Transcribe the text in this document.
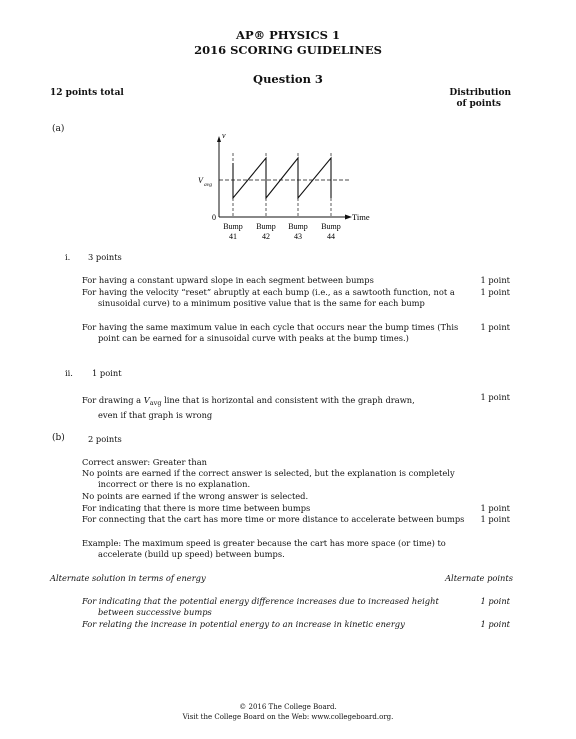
AP® PHYSICS 1
2016 SCORING GUIDELINES
Question 3
12 points total	Distribution
of points
(a)
v
V avg
0	Time
Bump
41
Bump
42
Bump
43
Bump
44
i. 3 points
For having a constant upward slope in each segment between bumps	1 point
For having the velocity “reset” abruptly at each bump (i.e., as a sawtooth function, not a sinusoidal curve) to a minimum positive value that is the same for each bump
1 point
For having the same maximum value in each cycle that occurs near the bump times (This point can be earned for a sinusoidal curve with peaks at the bump times.)
1 point
ii. 1 point
For drawing a $V_{avg}$ line that is horizontal and consistent with the graph drawn,
even if that graph is wrong
1 point
(b)	2 points
Correct answer: Greater than
No points are earned if the correct answer is selected, but the explanation is completely incorrect or there is no explanation.
No points are earned if the wrong answer is selected.
For indicating that there is more time between bumps	1 point
For connecting that the cart has more time or more distance to accelerate between bumps	1 point
Example: The maximum speed is greater because the cart has more space (or time) to accelerate (build up speed) between bumps.
Alternate solution in terms of energy	Alternate points
For indicating that the potential energy difference increases due to increased height between successive bumps
1 point
For relating the increase in potential energy to an increase in kinetic energy	1 point
© 2016 The College Board.
Visit the College Board on the Web: www.collegeboard.org.
